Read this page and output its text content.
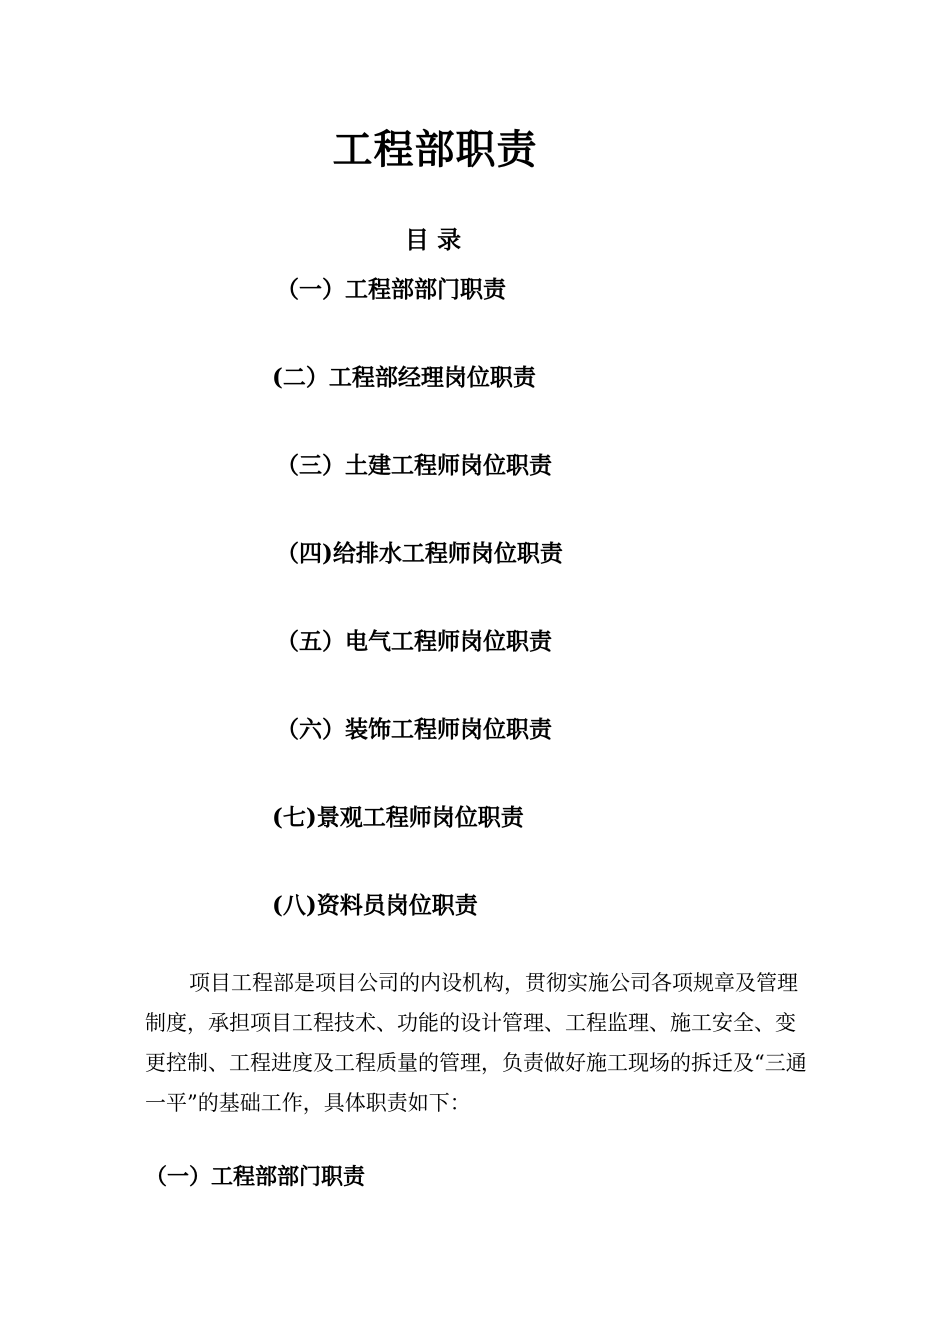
工程部职责
目 录
（一）工程部部门职责
(二）工程部经理岗位职责
（三）土建工程师岗位职责
（四)给排水工程师岗位职责
（五）电气工程师岗位职责
（六）装饰工程师岗位职责
(七)景观工程师岗位职责
(八)资料员岗位职责

项目工程部是项目公司的内设机构，贯彻实施公司各项规章及管理制度，承担项目工程技术、功能的设计管理、工程监理、施工安全、变更控制、工程进度及工程质量的管理，负责做好施工现场的拆迁及“三通一平”的基础工作，具体职责如下：

（一）工程部部门职责
